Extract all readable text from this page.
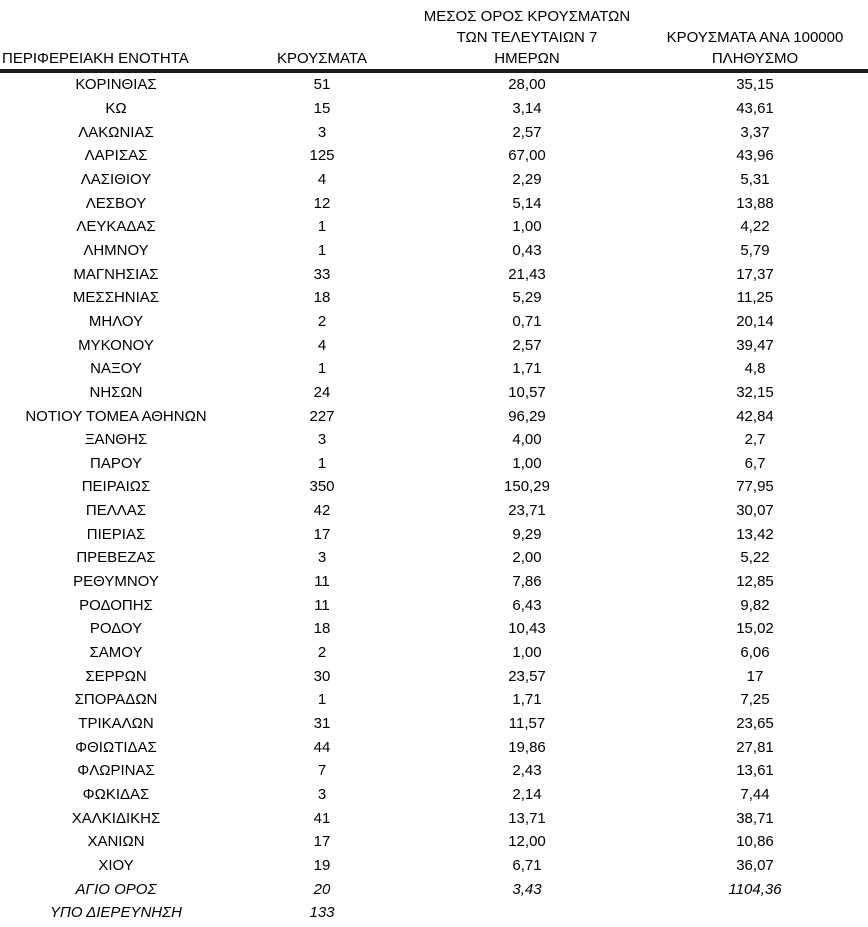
ΠΕΡΙΦΕΡΕΙΑΚΗ ΕΝΟΤΗΤΑ	ΚΡΟΥΣΜΑΤΑ
ΜΕΣΟΣ ΟΡΟΣ ΚΡΟΥΣΜΑΤΩΝ
ΤΩΝ ΤΕΛΕΥΤΑΙΩΝ 7
ΗΜΕΡΩΝ
ΚΡΟΥΣΜΑΤΑ ΑΝΑ 100000
ΠΛΗΘΥΣΜΟ
ΚΟΡΙΝΘΙΑΣ	51	28,00	35,15
ΚΩ	15	3,14	43,61
ΛΑΚΩΝΙΑΣ	3	2,57	3,37
ΛΑΡΙΣΑΣ	125	67,00	43,96
ΛΑΣΙΘΙΟΥ	4	2,29	5,31
ΛΕΣΒΟΥ	12	5,14	13,88
ΛΕΥΚΑΔΑΣ	1	1,00	4,22
ΛΗΜΝΟΥ	1	0,43	5,79
ΜΑΓΝΗΣΙΑΣ	33	21,43	17,37
ΜΕΣΣΗΝΙΑΣ	18	5,29	11,25
ΜΗΛΟΥ	2	0,71	20,14
ΜΥΚΟΝΟΥ	4	2,57	39,47
ΝΑΞΟΥ	1	1,71	4,8
ΝΗΣΩΝ	24	10,57	32,15
ΝΟΤΙΟΥ ΤΟΜΕΑ ΑΘΗΝΩΝ	227	96,29	42,84
ΞΑΝΘΗΣ	3	4,00	2,7
ΠΑΡΟΥ	1	1,00	6,7
ΠΕΙΡΑΙΩΣ	350	150,29	77,95
ΠΕΛΛΑΣ	42	23,71	30,07
ΠΙΕΡΙΑΣ	17	9,29	13,42
ΠΡΕΒΕΖΑΣ	3	2,00	5,22
ΡΕΘΥΜΝΟΥ	11	7,86	12,85
ΡΟΔΟΠΗΣ	11	6,43	9,82
ΡΟΔΟΥ	18	10,43	15,02
ΣΑΜΟΥ	2	1,00	6,06
ΣΕΡΡΩΝ	30	23,57	17
ΣΠΟΡΑΔΩΝ	1	1,71	7,25
ΤΡΙΚΑΛΩΝ	31	11,57	23,65
ΦΘΙΩΤΙΔΑΣ	44	19,86	27,81
ΦΛΩΡΙΝΑΣ	7	2,43	13,61
ΦΩΚΙΔΑΣ	3	2,14	7,44
ΧΑΛΚΙΔΙΚΗΣ	41	13,71	38,71
ΧΑΝΙΩΝ	17	12,00	10,86
ΧΙΟΥ	19	6,71	36,07
ΑΓΙΟ ΟΡΟΣ	20	3,43	1104,36
ΥΠΟ ΔΙΕΡΕΥΝΗΣΗ	133
